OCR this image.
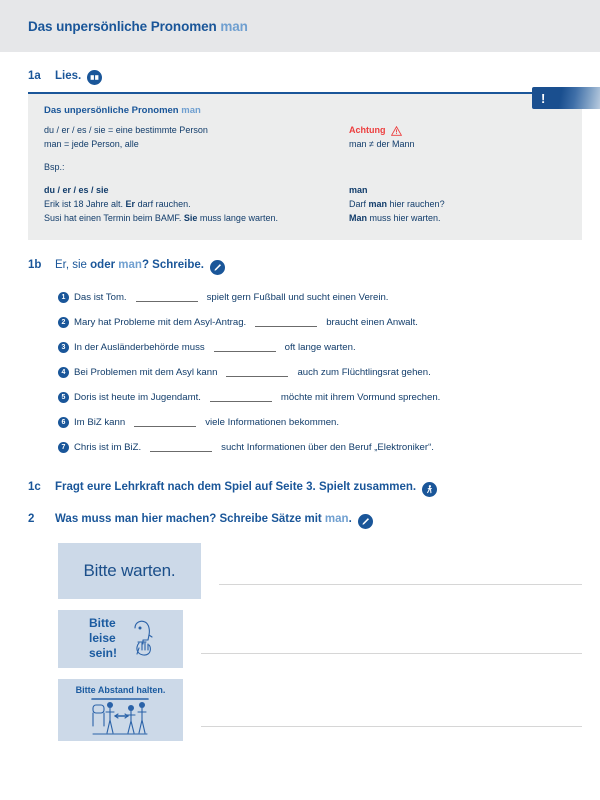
Das unpersönliche Pronomen man
1a	Lies.
!
Das unpersönliche Pronomen man
du / er / es / sie = eine bestimmte Person
man = jede Person, alle
Bsp.:
du / er / es / sie
Erik ist 18 Jahre alt. Er darf rauchen.
Susi hat einen Termin beim BAMF. Sie muss lange warten.
Achtung
man ≠ der Mann

man
Darf man hier rauchen?
Man muss hier warten.
1b	Er, sie oder man? Schreibe.
1 Das ist Tom.	spielt gern Fußball und sucht einen Verein.
2 Mary hat Probleme mit dem Asyl-Antrag.	braucht einen Anwalt.
3 In der Ausländerbehörde muss	oft lange warten.
4 Bei Problemen mit dem Asyl kann	auch zum Flüchtlingsrat gehen.
5 Doris ist heute im Jugendamt.	möchte mit ihrem Vormund sprechen.
6 Im BiZ kann	viele Informationen bekommen.
7 Chris ist im BiZ.	sucht Informationen über den Beruf „Elektroniker“.
1c	Fragt eure Lehrkraft nach dem Spiel auf Seite 3. Spielt zusammen.
2	Was muss man hier machen? Schreibe Sätze mit man.
Bitte warten.
Bitte
leise
sein!
Bitte Abstand halten.
